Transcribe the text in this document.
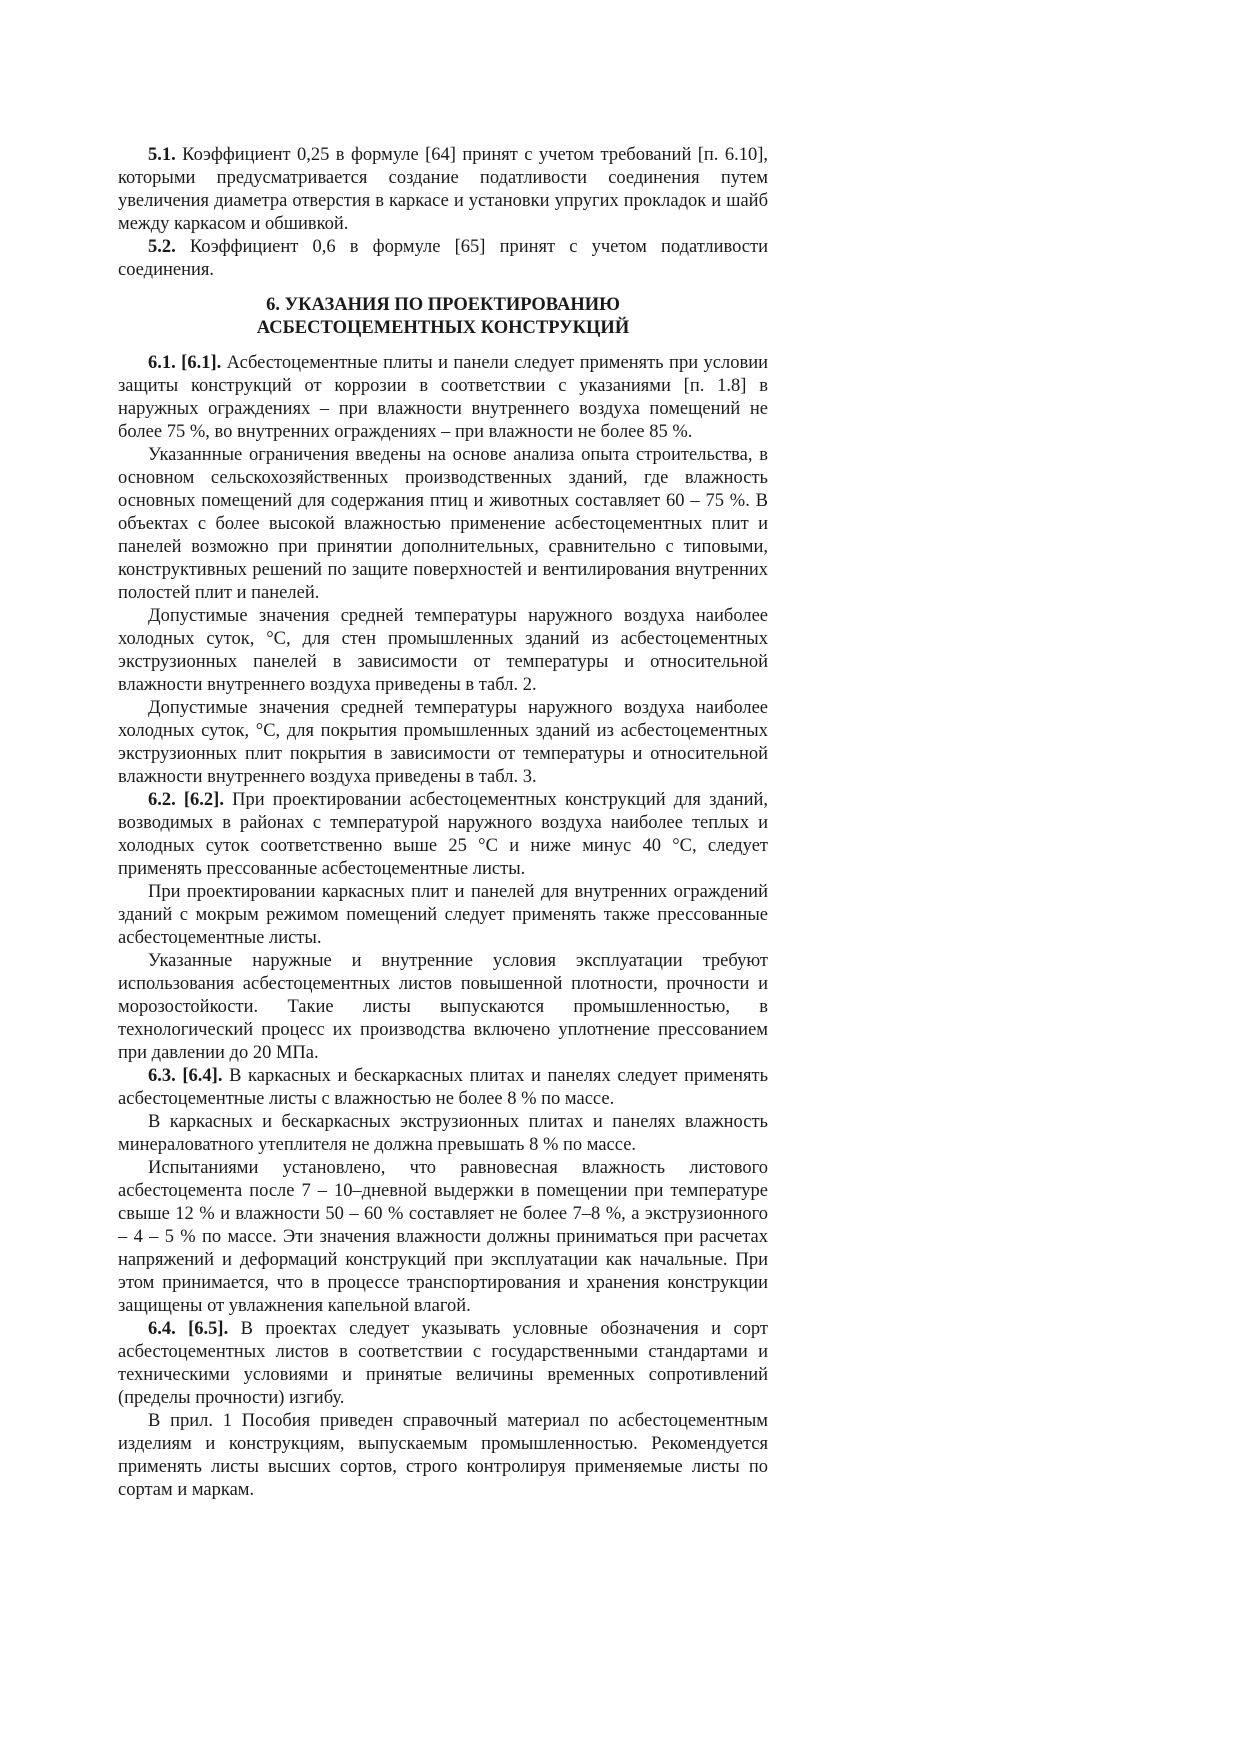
5.1. Коэффициент 0,25 в формуле [64] принят с учетом требований [п. 6.10], которыми предусматривается создание податливости соединения путем увеличения диаметра отверстия в каркасе и установки упругих прокладок и шайб между каркасом и обшивкой.

5.2. Коэффициент 0,6 в формуле [65] принят с учетом податливости соединения.

6. УКАЗАНИЯ ПО ПРОЕКТИРОВАНИЮ
АСБЕСТОЦЕМЕНТНЫХ КОНСТРУКЦИЙ

6.1. [6.1]. Асбестоцементные плиты и панели следует применять при условии защиты конструкций от коррозии в соответствии с указаниями [п. 1.8] в наружных ограждениях – при влажности внутреннего воздуха помещений не более 75 %, во внутренних ограждениях – при влажности не более 85 %.

Указаннные ограничения введены на основе анализа опыта строительства, в основном сельскохозяйственных производственных зданий, где влажность основных помещений для содержания птиц и животных составляет 60 – 75 %. В объектах с более высокой влажностью применение асбестоцементных плит и панелей возможно при принятии дополнительных, сравнительно с типовыми, конструктивных решений по защите поверхностей и вентилирования внутренних полостей плит и панелей.

Допустимые значения средней температуры наружного воздуха наиболее холодных суток, °С, для стен промышленных зданий из асбестоцементных экструзионных панелей в зависимости от температуры и относительной влажности внутреннего воздуха приведены в табл. 2.

Допустимые значения средней температуры наружного воздуха наиболее холодных суток, °С, для покрытия промышленных зданий из асбестоцементных экструзионных плит покрытия в зависимости от температуры и относительной влажности внутреннего воздуха приведены в табл. 3.

6.2. [6.2]. При проектировании асбестоцементных конструкций для зданий, возводимых в районах с температурой наружного воздуха наиболее теплых и холодных суток соответственно выше 25 °С и ниже минус 40 °С, следует применять прессованные асбестоцементные листы.

При проектировании каркасных плит и панелей для внутренних ограждений зданий с мокрым режимом помещений следует применять также прессованные асбестоцементные листы.

Указанные наружные и внутренние условия эксплуатации требуют использования асбестоцементных листов повышенной плотности, прочности и морозостойкости. Такие листы выпускаются промышленностью, в технологический процесс их производства включено уплотнение прессованием при давлении до 20 МПа.

6.3. [6.4]. В каркасных и бескаркасных плитах и панелях следует применять асбестоцементные листы с влажностью не более 8 % по массе.

В каркасных и бескаркасных экструзионных плитах и панелях влажность минераловатного утеплителя не должна превышать 8 % по массе.

Испытаниями установлено, что равновесная влажность листового асбестоцемента после 7 – 10–дневной выдержки в помещении при температуре свыше 12 % и влажности 50 – 60 % составляет не более 7–8 %, а экструзионного – 4 – 5 % по массе. Эти значения влажности должны приниматься при расчетах напряжений и деформаций конструкций при эксплуатации как начальные. При этом принимается, что в процессе транспортирования и хранения конструкции защищены от увлажнения капельной влагой.

6.4. [6.5]. В проектах следует указывать условные обозначения и сорт асбестоцементных листов в соответствии с государственными стандартами и техническими условиями и принятые величины временных сопротивлений (пределы прочности) изгибу.

В прил. 1 Пособия приведен справочный материал по асбестоцементным изделиям и конструкциям, выпускаемым промышленностью. Рекомендуется применять листы высших сортов, строго контролируя применяемые листы по сортам и маркам.
